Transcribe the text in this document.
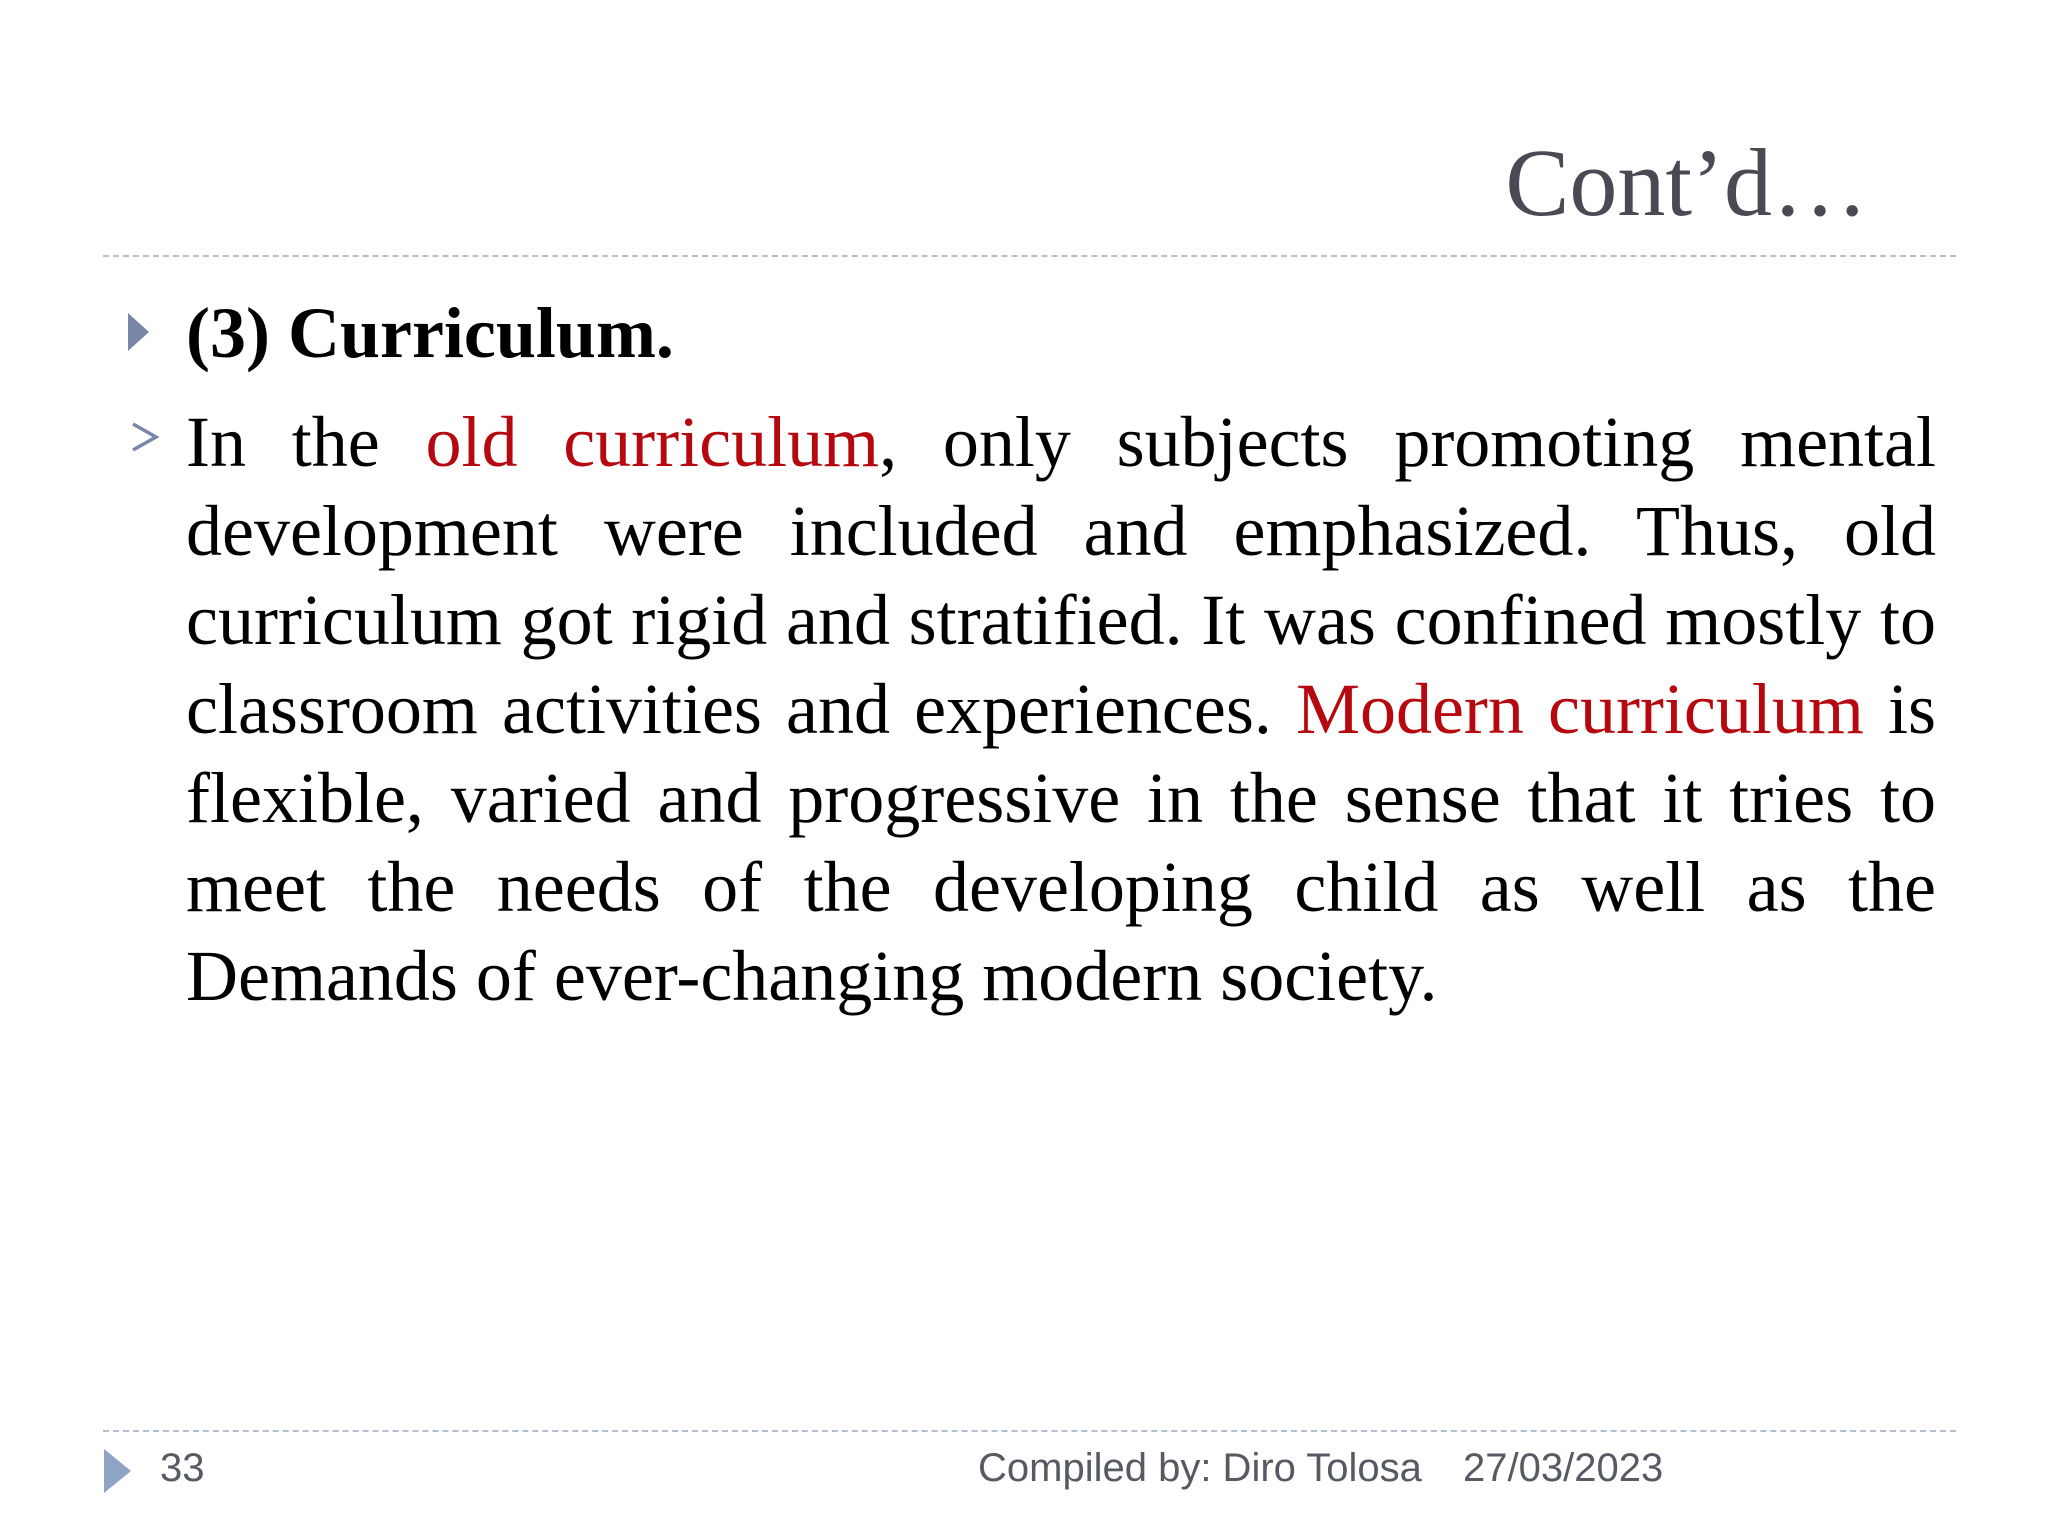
Cont’d…
(3) Curriculum.
In the old curriculum, only subjects promoting mental development were included and emphasized. Thus, old curriculum got rigid and stratified. It was confined mostly to classroom activities and experiences. Modern curriculum is flexible, varied and progressive in the sense that it tries to meet the needs of the developing child as well as the Demands of ever-changing modern society.
33	Compiled by: Diro Tolosa 27/03/2023
